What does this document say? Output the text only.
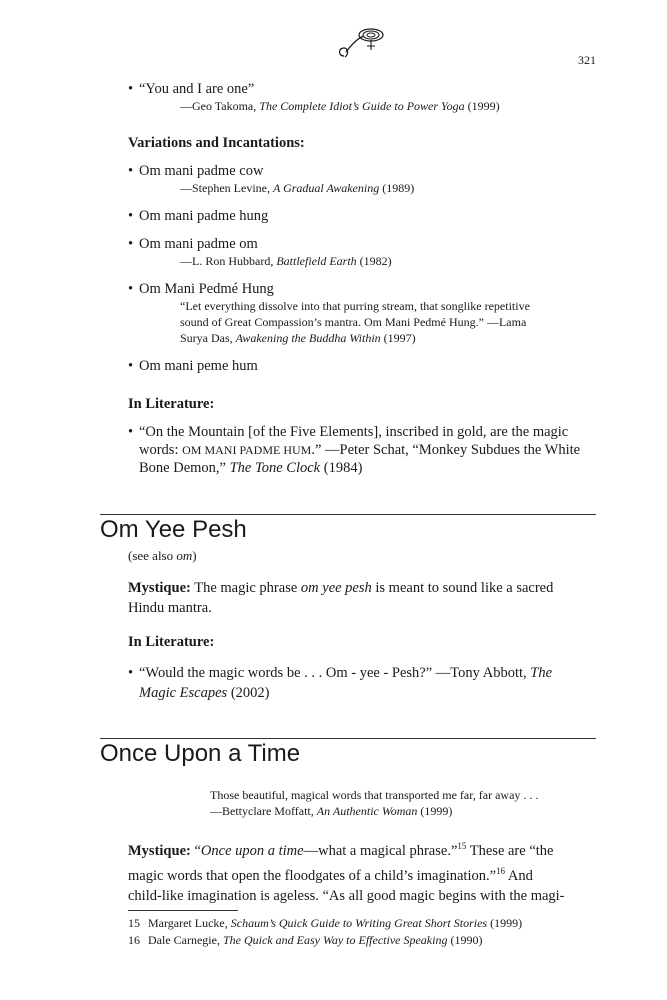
321
• “You and I are one”
—Geo Takoma, The Complete Idiot’s Guide to Power Yoga (1999)
Variations and Incantations:
• Om mani padme cow
—Stephen Levine, A Gradual Awakening (1989)
• Om mani padme hung
• Om mani padme om
—L. Ron Hubbard, Battlefield Earth (1982)
• Om Mani Pedmé Hung
“Let everything dissolve into that purring stream, that songlike repetitive
sound of Great Compassion’s mantra. Om Mani Pedmé Hung.” —Lama
Surya Das, Awakening the Buddha Within (1997)
• Om mani peme hum
In Literature:
• “On the Mountain [of the Five Elements], inscribed in gold, are the magic
words: OM MANI PADME HUM.” —Peter Schat, “Monkey Subdues the White
Bone Demon,” The Tone Clock (1984)
Om Yee Pesh
(see also om)
Mystique: The magic phrase om yee pesh is meant to sound like a sacred
Hindu mantra.
In Literature:
• “Would the magic words be . . . Om - yee - Pesh?” —Tony Abbott, The
Magic Escapes (2002)
Once Upon a Time
Those beautiful, magical words that transported me far, far away . . .
—Bettyclare Moffatt, An Authentic Woman (1999)
Mystique: “Once upon a time—what a magical phrase.”$^{15}$ These are “the
magic words that open the floodgates of a child’s imagination.”$^{16}$ And
child-like imagination is ageless. “As all good magic begins with the magi-
15 Margaret Lucke, Schaum’s Quick Guide to Writing Great Short Stories (1999)
16 Dale Carnegie, The Quick and Easy Way to Effective Speaking (1990)
